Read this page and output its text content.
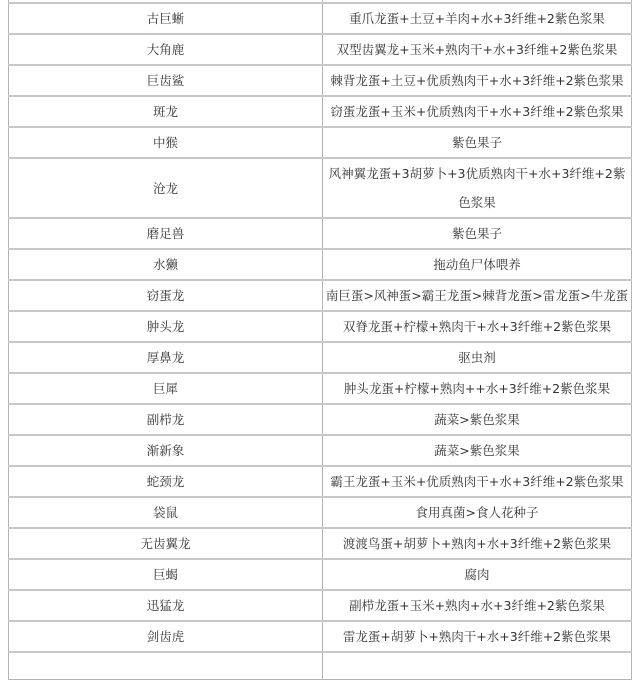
古巨蜥	重爪龙蛋+土豆+羊肉+水+3纤维+2紫色浆果
大角鹿	双型齿翼龙+玉米+熟肉干+水+3纤维+2紫色浆果
巨齿鲨	棘背龙蛋+土豆+优质熟肉干+水+3纤维+2紫色浆果
斑龙	窃蛋龙蛋+玉米+优质熟肉干+水+3纤维+2紫色浆果
中猴	紫色果子
沧龙	风神翼龙蛋+3胡萝卜+3优质熟肉干+水+3纤维+2紫色浆果
磨足兽	紫色果子
水獭	拖动鱼尸体喂养
窃蛋龙	南巨蛋>风神蛋>霸王龙蛋>棘背龙蛋>雷龙蛋>牛龙蛋
肿头龙	双脊龙蛋+柠檬+熟肉干+水+3纤维+2紫色浆果
厚鼻龙	驱虫剂
巨犀	肿头龙蛋+柠檬+熟肉++水+3纤维+2紫色浆果
副栉龙	蔬菜>紫色浆果
渐新象	蔬菜>紫色浆果
蛇颈龙	霸王龙蛋+玉米+优质熟肉干+水+3纤维+2紫色浆果
袋鼠	食用真菌>食人花种子
无齿翼龙	渡渡鸟蛋+胡萝卜+熟肉+水+3纤维+2紫色浆果
巨蝎	腐肉
迅猛龙	副栉龙蛋+玉米+熟肉+水+3纤维+2紫色浆果
剑齿虎	雷龙蛋+胡萝卜+熟肉干+水+3纤维+2紫色浆果
